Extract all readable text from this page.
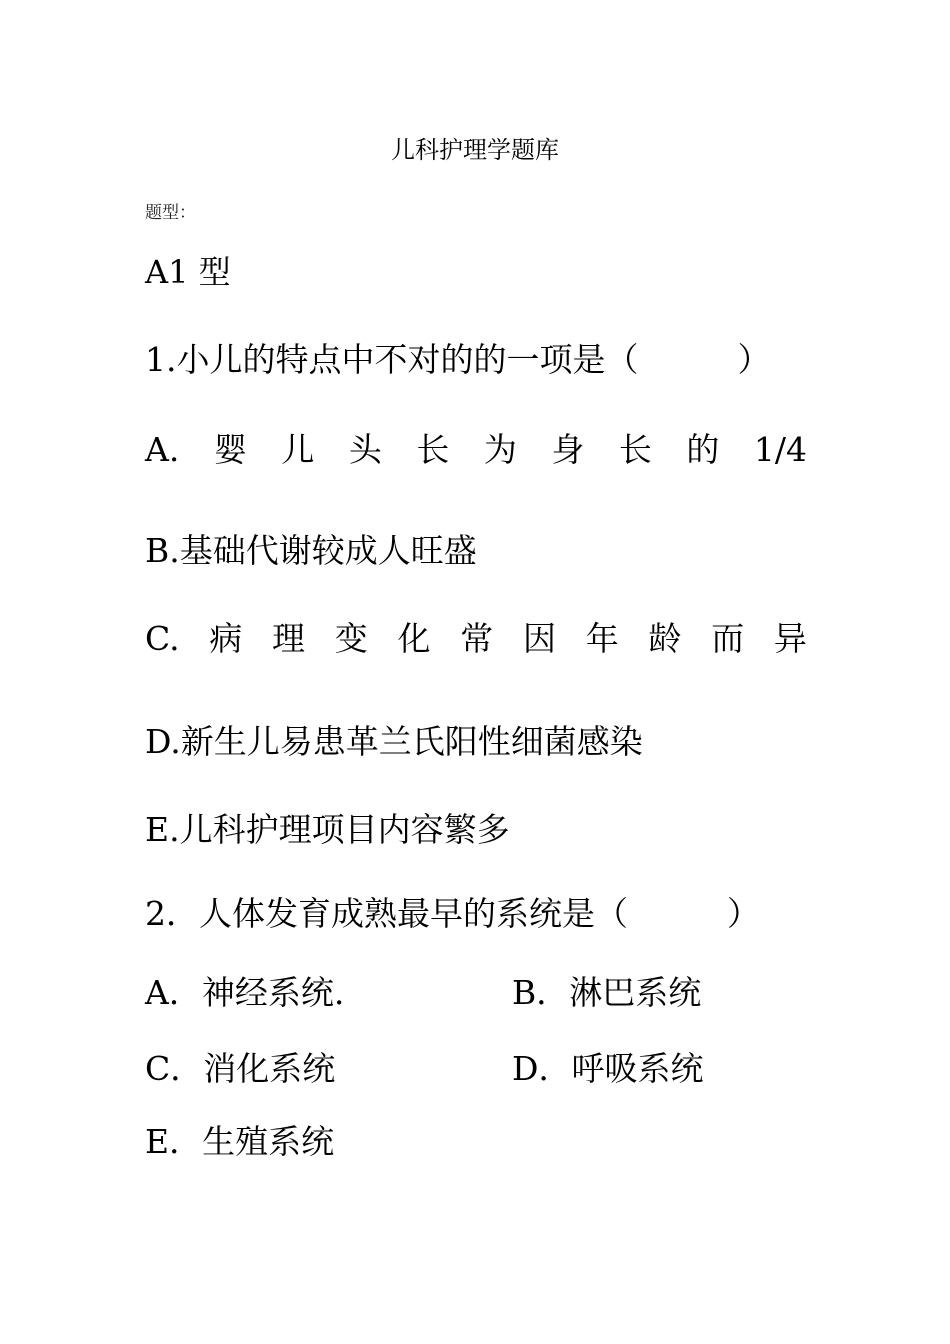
儿科护理学题库
题型：
A1 型
1.小儿的特点中不对的的一项是（　　　）
A. 婴 儿 头 长 为 身 长 的 1/4
B.基础代谢较成人旺盛
C. 病 理 变 化 常 因 年 龄 而 异
D.新生儿易患革兰氏阳性细菌感染
E.儿科护理项目内容繁多
2．人体发育成熟最早的系统是（　　　）
A．神经系统.	B．淋巴系统
C．消化系统	D．呼吸系统
E．生殖系统
